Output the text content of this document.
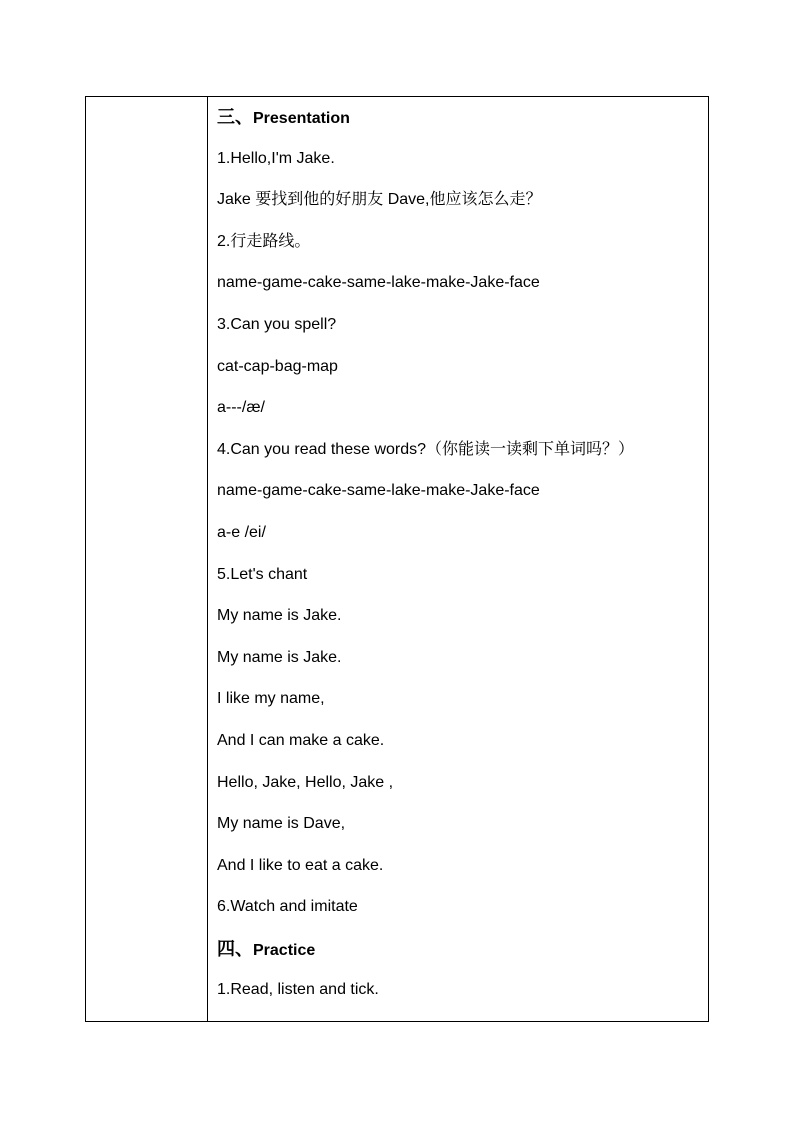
三、Presentation
1.Hello,I'm Jake.
Jake 要找到他的好朋友 Dave,他应该怎么走？
2.行走路线。
name-game-cake-same-lake-make-Jake-face
3.Can you spell?
cat-cap-bag-map
a---/æ/
4.Can you read these words?（你能读一读剩下单词吗？）
name-game-cake-same-lake-make-Jake-face
a-e /ei/
5.Let's chant
My name is Jake.
My name is Jake.
I like my name,
And I can make a cake.
Hello, Jake, Hello, Jake ,
My name is Dave,
And I like to eat a cake.
6.Watch and imitate
四、Practice
1.Read, listen and tick.
